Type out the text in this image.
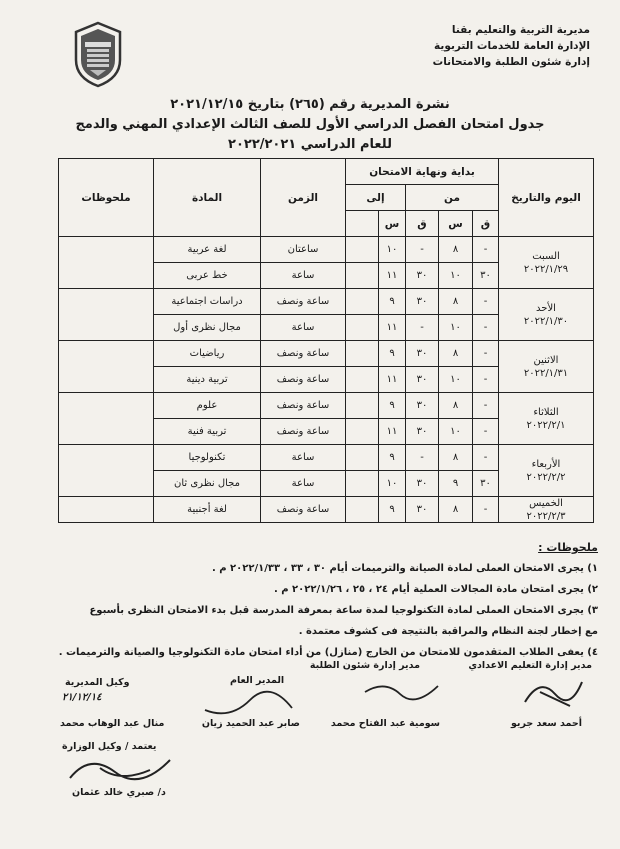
مديرية التربية والتعليم بقنا
الإدارة العامة للخدمات التربوية
إدارة شئون الطلبة والامتحانات
نشرة المديرية رقم (٢٦٥) بتاريخ ٢٠٢١/١٢/١٥
جدول امتحان الفصل الدراسي الأول للصف الثالث الإعدادي المهني والدمج
للعام الدراسي ٢٠٢٢/٢٠٢١
اليوم والتاريخ	بداية ونهاية الامتحان					الزمن	المادة	ملحوظات
	من			إلى				
	ق	س	ق	س				

السبت
٢٠٢٢/١/٢٩	-	٨	-	١٠		ساعتان	لغة عربية	
	٣٠	١٠	٣٠	١١		ساعة	خط عربى	

الأحد
٢٠٢٢/١/٣٠	-	٨	٣٠	٩		ساعة ونصف	دراسات اجتماعية	
	-	١٠	-	١١		ساعة	مجال نظرى أول	

الاثنين
٢٠٢٢/١/٣١	-	٨	٣٠	٩		ساعة ونصف	رياضيات	
	-	١٠	٣٠	١١		ساعة ونصف	تربية دينية	

الثلاثاء
٢٠٢٢/٢/١	-	٨	٣٠	٩		ساعة ونصف	علوم	
	-	١٠	٣٠	١١		ساعة ونصف	تربية فنية	

الأربعاء
٢٠٢٢/٢/٢	-	٨	-	٩		ساعة	تكنولوجيا	
	٣٠	٩	٣٠	١٠		ساعة	مجال نظرى ثان	

الخميس
٢٠٢٢/٢/٣	-	٨	٣٠	٩		ساعة ونصف	لغة أجنبية	
ملحوظات :
١) يجرى الامتحان العملى لمادة الصيانة والترميمات أيام ٣٠ ، ٣٣ ، ٢٠٢٢/١/٣٣ م .
٢) يجرى امتحان مادة المجالات العملية أيام ٢٤ ، ٢٥ ، ٢٠٢٢/١/٢٦ م .
٣) يجرى الامتحان العملى لمادة التكنولوجيا لمدة ساعة بمعرفة المدرسة قبل بدء الامتحان النظرى بأسبوع
مع إخطار لجنة النظام والمراقبة بالنتيجة فى كشوف معتمدة .
٤) يعفى الطلاب المتقدمون للامتحان من الخارج (منازل) من أداء امتحان مادة التكنولوجيا والصيانة والترميمات .
مدير إدارة التعليم الاعدادي
مدير إدارة شئون الطلبة
المدير العام
وكيل المديرية
٢١/١٢/١٤
أحمد سعد جريو
سومية عبد الفتاح محمد
صابر عبد الحميد زيان
منال عبد الوهاب محمد
يعتمد / وكيل الوزارة
د/ صبري خالد عثمان
